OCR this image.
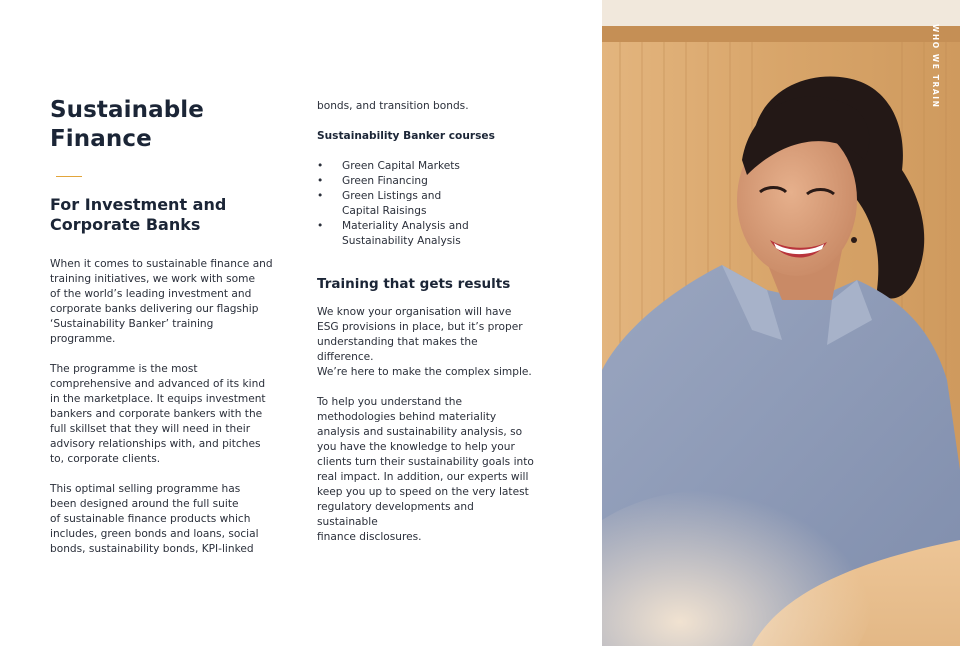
Sustainable
Finance
For Investment and
Corporate Banks

When it comes to sustainable finance and
training initiatives, we work with some
of the world’s leading investment and
corporate banks delivering our flagship
‘Sustainability Banker’ training programme.

The programme is the most
comprehensive and advanced of its kind
in the marketplace. It equips investment
bankers and corporate bankers with the
full skillset that they will need in their
advisory relationships with, and pitches
to, corporate clients.

This optimal selling programme has
been designed around the full suite
of sustainable finance products which
includes, green bonds and loans, social
bonds, sustainability bonds, KPI-linked

bonds, and transition bonds.

Sustainability Banker courses

• Green Capital Markets
• Green Financing
• Green Listings and
Capital Raisings
• Materiality Analysis and
Sustainability Analysis
Training that gets results

We know your organisation will have
ESG provisions in place, but it’s proper
understanding that makes the difference.
We’re here to make the complex simple.

To help you understand the
methodologies behind materiality
analysis and sustainability analysis, so
you have the knowledge to help your
clients turn their sustainability goals into
real impact. In addition, our experts will
keep you up to speed on the very latest
regulatory developments and sustainable
finance disclosures.

WHO WE TRAIN
